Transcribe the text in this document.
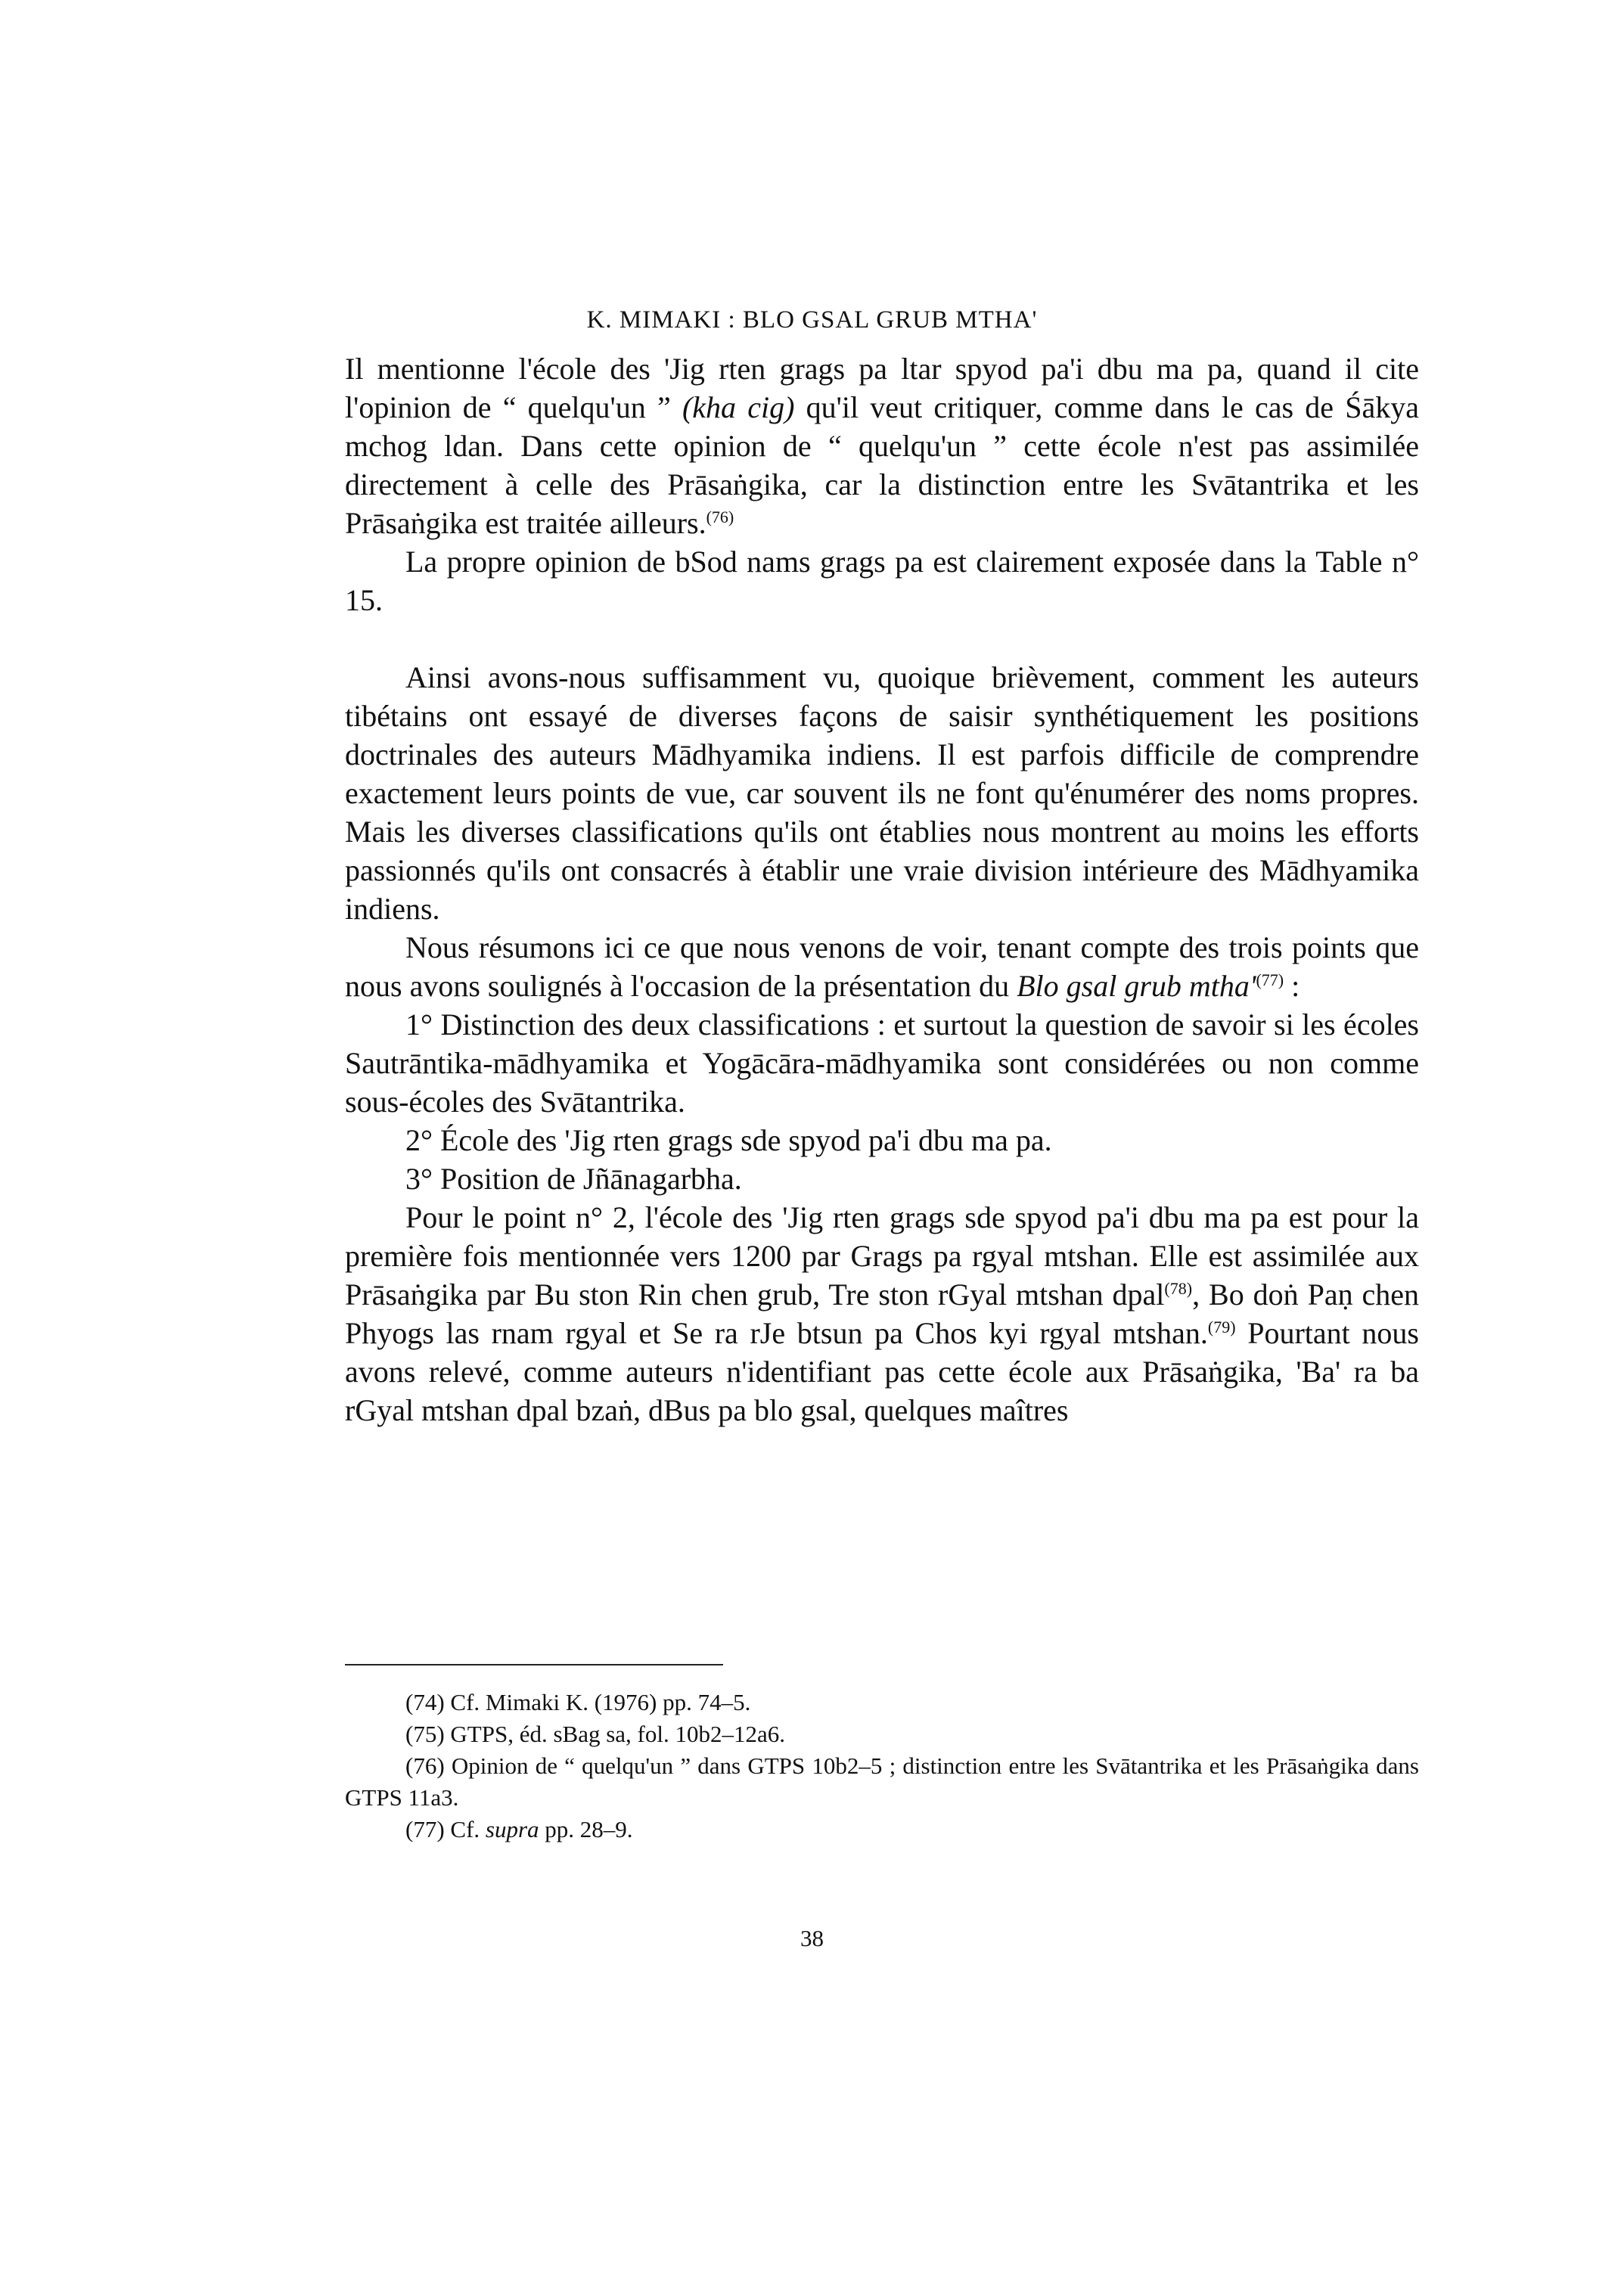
K. MIMAKI : BLO GSAL GRUB MTHA'

Il mentionne l'école des 'Jig rten grags pa ltar spyod pa'i dbu ma pa, quand il cite l'opinion de “ quelqu'un ” (kha cig) qu'il veut critiquer, comme dans le cas de Śākya mchog ldan. Dans cette opinion de “ quelqu'un ” cette école n'est pas assimilée directement à celle des Prāsaṅgika, car la distinction entre les Svātantrika et les Prāsaṅgika est traitée ailleurs.$^{(76)}$

La propre opinion de bSod nams grags pa est clairement exposée dans la Table n° 15.

Ainsi avons-nous suffisamment vu, quoique brièvement, comment les auteurs tibétains ont essayé de diverses façons de saisir synthétiquement les positions doctrinales des auteurs Mādhyamika indiens. Il est parfois difficile de comprendre exactement leurs points de vue, car souvent ils ne font qu'énumérer des noms propres. Mais les diverses classifications qu'ils ont établies nous montrent au moins les efforts passionnés qu'ils ont consacrés à établir une vraie division intérieure des Mādhyamika indiens.

Nous résumons ici ce que nous venons de voir, tenant compte des trois points que nous avons soulignés à l'occasion de la présentation du Blo gsal grub $mtha'^{(77)}$ :

1° Distinction des deux classifications : et surtout la question de savoir si les écoles Sautrāntika-mādhyamika et Yogācāra-mādhyamika sont considérées ou non comme sous-écoles des Svātantrika.

2° École des 'Jig rten grags sde spyod pa'i dbu ma pa.

3° Position de Jñānagarbha.

Pour le point n° 2, l'école des 'Jig rten grags sde spyod pa'i dbu ma pa est pour la première fois mentionnée vers 1200 par Grags pa rgyal mtshan. Elle est assimilée aux Prāsaṅgika par Bu ston Rin chen grub, Tre ston rGyal mtshan dpal$^{(78)}$, Bo doṅ Paṇ chen Phyogs las rnam rgyal et Se ra rJe btsun pa Chos kyi rgyal mtshan.$^{(79)}$ Pourtant nous avons relevé, comme auteurs n'identifiant pas cette école aux Prāsaṅgika, 'Ba' ra ba rGyal mtshan dpal bzaṅ, dBus pa blo gsal, quelques maîtres

(74) Cf. Mimaki K. (1976) pp. 74–5.

(75) GTPS, éd. sBag sa, fol. 10b2–12a6.

(76) Opinion de “ quelqu'un ” dans GTPS 10b2–5 ; distinction entre les Svātantrika et les Prāsaṅgika dans GTPS 11a3.

(77) Cf. supra pp. 28–9.

38
